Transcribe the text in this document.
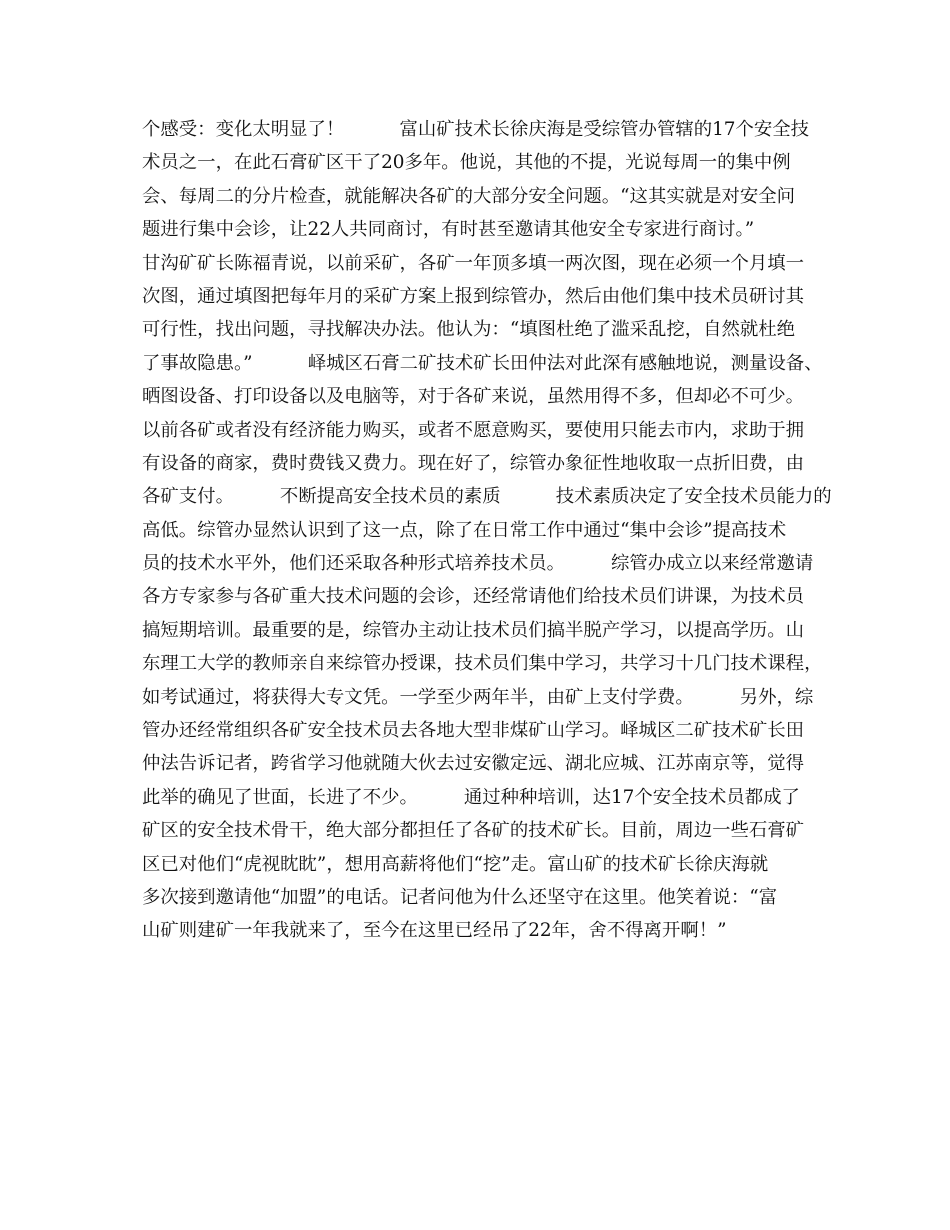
个感受：变化太明显了！　　　富山矿技术长徐庆海是受综管办管辖的17个安全技
术员之一，在此石膏矿区干了20多年。他说，其他的不提，光说每周一的集中例
会、每周二的分片检查，就能解决各矿的大部分安全问题。“这其实就是对安全问
题进行集中会诊，让22人共同商讨，有时甚至邀请其他安全专家进行商讨。”
甘沟矿矿长陈福青说，以前采矿，各矿一年顶多填一两次图，现在必须一个月填一
次图，通过填图把每年月的采矿方案上报到综管办，然后由他们集中技术员研讨其
可行性，找出问题，寻找解决办法。他认为：“填图杜绝了滥采乱挖，自然就杜绝
了事故隐患。”　　　峄城区石膏二矿技术矿长田仲法对此深有感触地说，测量设备、
晒图设备、打印设备以及电脑等，对于各矿来说，虽然用得不多，但却必不可少。
以前各矿或者没有经济能力购买，或者不愿意购买，要使用只能去市内，求助于拥
有设备的商家，费时费钱又费力。现在好了，综管办象征性地收取一点折旧费，由
各矿支付。　　　不断提高安全技术员的素质　　　技术素质决定了安全技术员能力的
高低。综管办显然认识到了这一点，除了在日常工作中通过“集中会诊”提高技术
员的技术水平外，他们还采取各种形式培养技术员。　　　综管办成立以来经常邀请
各方专家参与各矿重大技术问题的会诊，还经常请他们给技术员们讲课，为技术员
搞短期培训。最重要的是，综管办主动让技术员们搞半脱产学习，以提高学历。山
东理工大学的教师亲自来综管办授课，技术员们集中学习，共学习十几门技术课程，
如考试通过，将获得大专文凭。一学至少两年半，由矿上支付学费。　　　另外，综
管办还经常组织各矿安全技术员去各地大型非煤矿山学习。峄城区二矿技术矿长田
仲法告诉记者，跨省学习他就随大伙去过安徽定远、湖北应城、江苏南京等，觉得
此举的确见了世面，长进了不少。　　　通过种种培训，达17个安全技术员都成了
矿区的安全技术骨干，绝大部分都担任了各矿的技术矿长。目前，周边一些石膏矿
区已对他们“虎视眈眈”，想用高薪将他们“挖”走。富山矿的技术矿长徐庆海就
多次接到邀请他“加盟”的电话。记者问他为什么还坚守在这里。他笑着说：“富
山矿则建矿一年我就来了，至今在这里已经吊了22年，舍不得离开啊！”
